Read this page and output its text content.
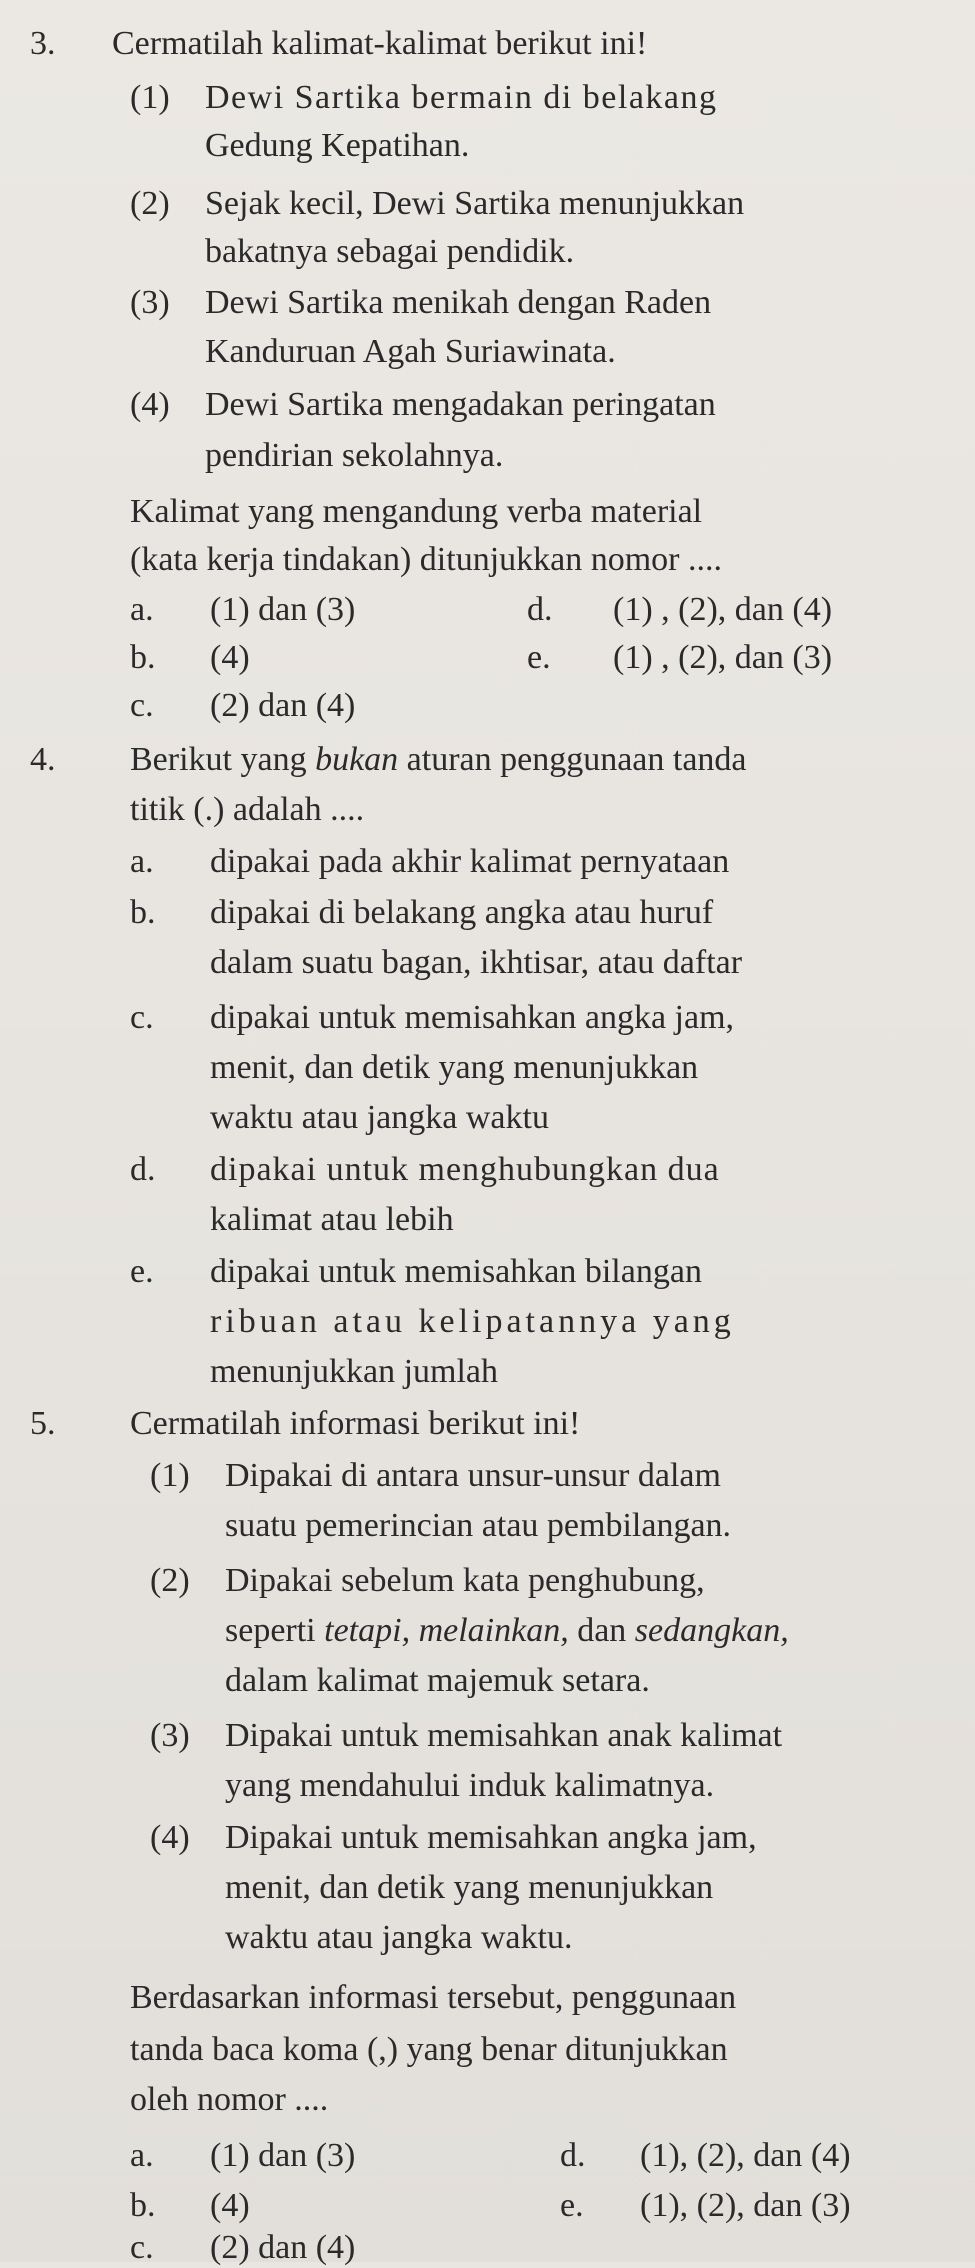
3. Cermatilah kalimat-kalimat berikut ini!
(1) Dewi Sartika bermain di belakang
Gedung Kepatihan.
(2) Sejak kecil, Dewi Sartika menunjukkan
bakatnya sebagai pendidik.
(3) Dewi Sartika menikah dengan Raden
Kanduruan Agah Suriawinata.
(4) Dewi Sartika mengadakan peringatan
pendirian sekolahnya.
Kalimat yang mengandung verba material
(kata kerja tindakan) ditunjukkan nomor ....
a. (1) dan (3)	d. (1) , (2), dan (4)
b. (4)	e. (1) , (2), dan (3)
c. (2) dan (4)
4. Berikut yang bukan aturan penggunaan tanda
titik (.) adalah ....
a. dipakai pada akhir kalimat pernyataan
b. dipakai di belakang angka atau huruf
dalam suatu bagan, ikhtisar, atau daftar
c. dipakai untuk memisahkan angka jam,
menit, dan detik yang menunjukkan
waktu atau jangka waktu
d. dipakai untuk menghubungkan dua
kalimat atau lebih
e. dipakai untuk memisahkan bilangan
ribuan atau kelipatannya yang
menunjukkan jumlah
5. Cermatilah informasi berikut ini!
(1) Dipakai di antara unsur-unsur dalam
suatu pemerincian atau pembilangan.
(2) Dipakai sebelum kata penghubung,
seperti tetapi, melainkan, dan sedangkan,
dalam kalimat majemuk setara.
(3) Dipakai untuk memisahkan anak kalimat
yang mendahului induk kalimatnya.
(4) Dipakai untuk memisahkan angka jam,
menit, dan detik yang menunjukkan
waktu atau jangka waktu.
Berdasarkan informasi tersebut, penggunaan
tanda baca koma (,) yang benar ditunjukkan
oleh nomor ....
a. (1) dan (3)	d. (1), (2), dan (4)
b. (4)	e. (1), (2), dan (3)
c. (2) dan (4)
